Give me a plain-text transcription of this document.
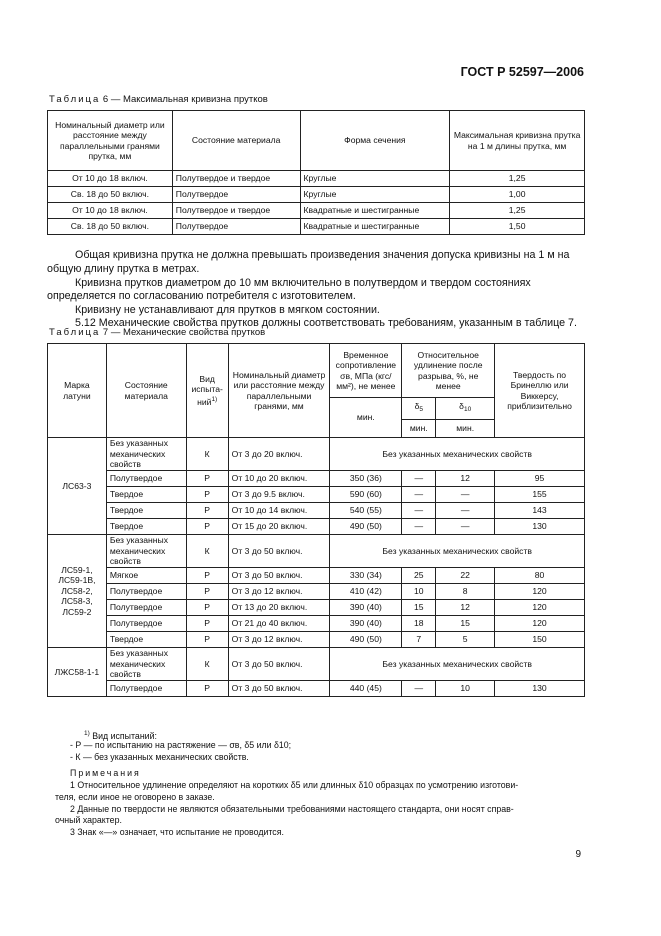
ГОСТ Р 52597—2006
Таблица 6 — Максимальная кривизна прутков
Номинальный диаметр или расстояние между параллельными гранями прутка, мм	Состояние материала	Форма сечения	Максимальная кривизна прутка на 1 м длины прутка, мм
От 10 до 18 включ.	Полутвердое и твердое	Круглые	1,25
Св. 18 до 50 включ.	Полутвердое	Круглые	1,00
От 10 до 18 включ.	Полутвердое и твердое	Квадратные и шестигранные	1,25
Св. 18 до 50 включ.	Полутвердое	Квадратные и шестигранные	1,50
Общая кривизна прутка не должна превышать произведения значения допуска кривизны на 1 м на
общую длину прутка в метрах.
Кривизна прутков диаметром до 10 мм включительно в полутвердом и твердом состояниях
определяется по согласованию потребителя с изготовителем.
Кривизну не устанавливают для прутков в мягком состоянии.
5.12 Механические свойства прутков должны соответствовать требованиям, указанным в таблице 7.
Таблица 7 — Механические свойства прутков
Марка латуни	Состояние материала	Вид испыта-ний$^{1)}$	Номинальный диаметр или расстояние между параллельными гранями, мм	Временное сопротивление σв, МПа (кгс/мм²), не менее	Относительное удлинение после разрыва, %, не менее		Твердость по Бринеллю или Виккерсу, приблизительно
				мин.	$\delta_5$	$\delta_{10}$
					мин.	мин.	
ЛС63-3	Без указанных механических свойств	К	От 3 до 20 включ.	Без указанных механических свойств			
	Полутвердое	Р	От 10 до 20 включ.	350 (36)	—	12	95
	Твердое	Р	От 3 до 9.5 включ.	590 (60)	—	—	155
	Твердое	Р	От 10 до 14 включ.	540 (55)	—	—	143
	Твердое	Р	От 15 до 20 включ.	490 (50)	—	—	130
ЛС59-1, ЛС59-1В, ЛС58-2, ЛС58-3, ЛС59-2	Без указанных механических свойств	К	От 3 до 50 включ.	Без указанных механических свойств			
	Мягкое	Р	От 3 до 50 включ.	330 (34)	25	22	80
	Полутвердое	Р	От 3 до 12 включ.	410 (42)	10	8	120
	Полутвердое	Р	От 13 до 20 включ.	390 (40)	15	12	120
	Полутвердое	Р	От 21 до 40 включ.	390 (40)	18	15	120
	Твердое	Р	От 3 до 12 включ.	490 (50)	7	5	150
ЛЖС58-1-1	Без указанных механических свойств	К	От 3 до 50 включ.	Без указанных механических свойств			
	Полутвердое	Р	От 3 до 50 включ.	440 (45)	—	10	130
$^{1)}$ Вид испытаний:
- Р — по испытанию на растяжение — σв, δ5 или δ10;
- К — без указанных механических свойств.
Примечания
1 Относительное удлинение определяют на коротких δ5 или длинных δ10 образцах по усмотрению изготови-
теля, если иное не оговорено в заказе.
2 Данные по твердости не являются обязательными требованиями настоящего стандарта, они носят справ-
очный характер.
3 Знак «—» означает, что испытание не проводится.
9
